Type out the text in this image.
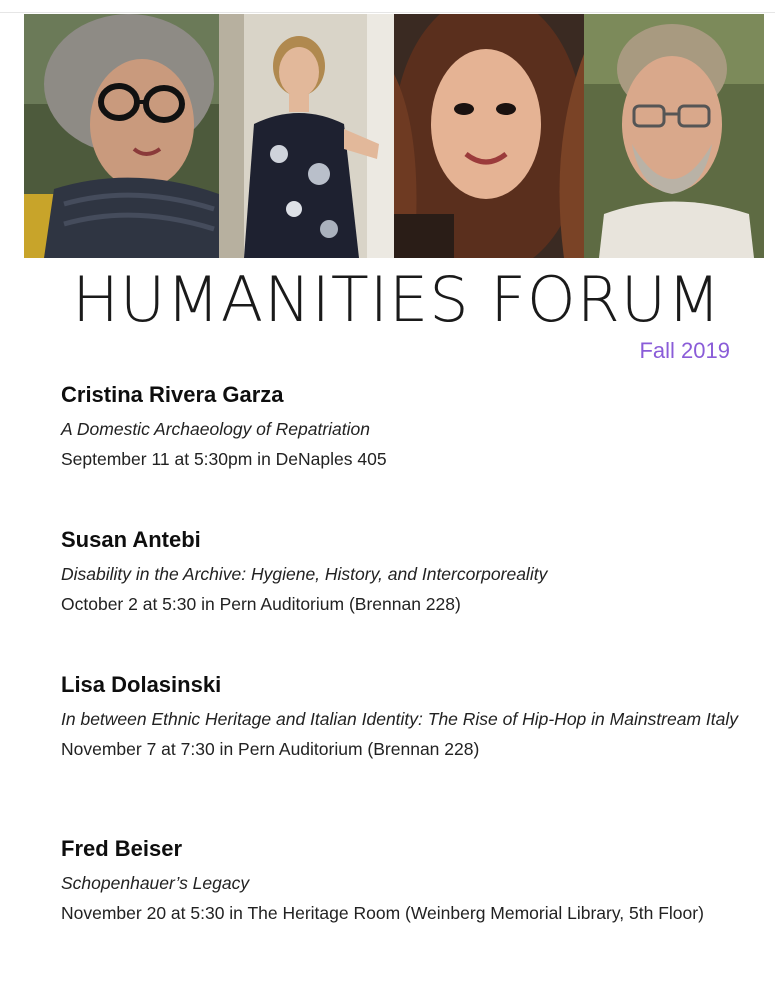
HUMANITIES FORUM
Fall 2019
Cristina Rivera Garza
A Domestic Archaeology of Repatriation
September 11 at 5:30pm in DeNaples 405
Susan Antebi
Disability in the Archive: Hygiene, History, and Intercorporeality
October 2 at 5:30 in Pern Auditorium (Brennan 228)
Lisa Dolasinski
In between Ethnic Heritage and Italian Identity: The Rise of Hip-Hop in Mainstream Italy
November 7 at 7:30 in Pern Auditorium (Brennan 228)
Fred Beiser
Schopenhauer’s Legacy
November 20 at 5:30 in The Heritage Room (Weinberg Memorial Library, 5th Floor)
